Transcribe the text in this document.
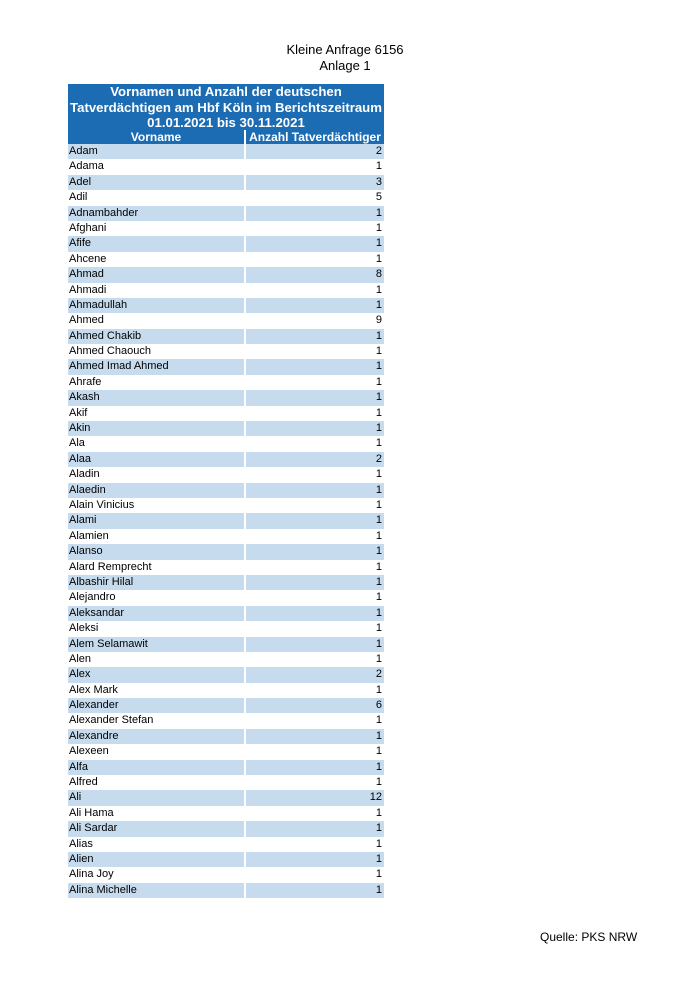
Kleine Anfrage 6156
Anlage 1
Vornamen und Anzahl der deutschen
Tatverdächtigen am Hbf Köln im Berichtszeitraum
01.01.2021 bis 30.11.2021
Vorname	Anzahl Tatverdächtiger
Adam	2
Adama	1
Adel	3
Adil	5
Adnambahder	1
Afghani	1
Afife	1
Ahcene	1
Ahmad	8
Ahmadi	1
Ahmadullah	1
Ahmed	9
Ahmed Chakib	1
Ahmed Chaouch	1
Ahmed Imad Ahmed	1
Ahrafe	1
Akash	1
Akif	1
Akin	1
Ala	1
Alaa	2
Aladin	1
Alaedin	1
Alain Vinicius	1
Alami	1
Alamien	1
Alanso	1
Alard Remprecht	1
Albashir Hilal	1
Alejandro	1
Aleksandar	1
Aleksi	1
Alem Selamawit	1
Alen	1
Alex	2
Alex Mark	1
Alexander	6
Alexander Stefan	1
Alexandre	1
Alexeen	1
Alfa	1
Alfred	1
Ali	12
Ali Hama	1
Ali Sardar	1
Alias	1
Alien	1
Alina Joy	1
Alina Michelle	1
Quelle: PKS NRW
